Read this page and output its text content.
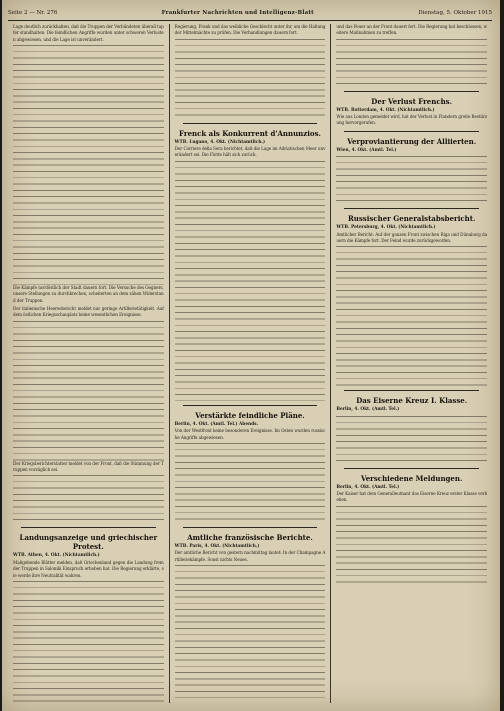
Seite 2 — Nr. 276	Frankfurter Nachrichten und Intelligenz-Blatt	Dienstag, 5. Oktober 1915

Lage deutlich zurückhalten, daß die Truppen der Verbündeten überall tapfer standhalten. Die feindlichen Angriffe wurden unter schweren Verlusten abgewiesen, und die Lage ist unverändert.

Die Kämpfe nordöstlich der Stadt dauern fort. Die Versuche des Gegners, unsere Stellungen zu durchbrechen, scheiterten an dem zähen Widerstand der Truppen.

Der italienische Heeresbericht meldet nur geringe Artillerietätigkeit. Auf dem östlichen Kriegsschauplatz keine wesentlichen Ereignisse.

Der Kriegsberichterstatter meldet von der Front, daß die Stimmung der Truppen vorzüglich sei.

Landungsanzeige und griechischer Protest.
WTB. Athen, 4. Okt. (Nichtamtlich.)

Maßgebende Blätter melden, daß Griechenland gegen die Landung fremder Truppen in Saloniki Einspruch erhoben hat. Die Regierung erklärte, sie werde ihre Neutralität wahren.

Regierung, Frank und das weibliche Geschlecht unter ihr, um die Haltung der Mittelmächte zu prüfen. Die Verhandlungen dauern fort.

Frenck als Konkurrent d'Annunzios.
WTB. Lugano, 4. Okt. (Nichtamtlich.)

Der Corriere della Sera berichtet, daß die Lage im Adriatischen Meer unverändert sei. Die Flotte hält sich zurück.

Verstärkte feindliche Pläne.
Berlin, 4. Okt. (Amtl. Tel.) Abends.

Von der Westfront keine besonderen Ereignisse. Im Osten wurden russische Angriffe abgewiesen.

Amtliche französische Berichte.
WTB. Paris, 4. Okt. (Nichtamtlich.)

Der amtliche Bericht von gestern nachmittag lautet: In der Champagne Artilleriekämpfe. Sonst nichts Neues.

und das Feuer an der Front dauert fort. Die Regierung hat beschlossen, weitere Maßnahmen zu treffen.

Der Verlust Frenchs.
WTB. Rotterdam, 4. Okt. (Nichtamtlich.)

Wie aus London gemeldet wird, hat der Verlust in Flandern große Bestürzung hervorgerufen.

Verproviantierung der Alliierten.
Wien, 4. Okt. (Amtl. Tel.)
Russischer Generalstabsbericht.
WTB. Petersburg, 4. Okt. (Nichtamtlich.)

Amtlicher Bericht: Auf der ganzen Front zwischen Riga und Dünaburg dauern die Kämpfe fort. Der Feind wurde zurückgeworfen.

Das Eiserne Kreuz I. Klasse.
Berlin, 4. Okt. (Amtl. Tel.)
Verschiedene Meldungen.
Berlin, 4. Okt. (Amtl. Tel.)

Der Kaiser hat dem Generalleutnant das Eiserne Kreuz erster Klasse verliehen.
